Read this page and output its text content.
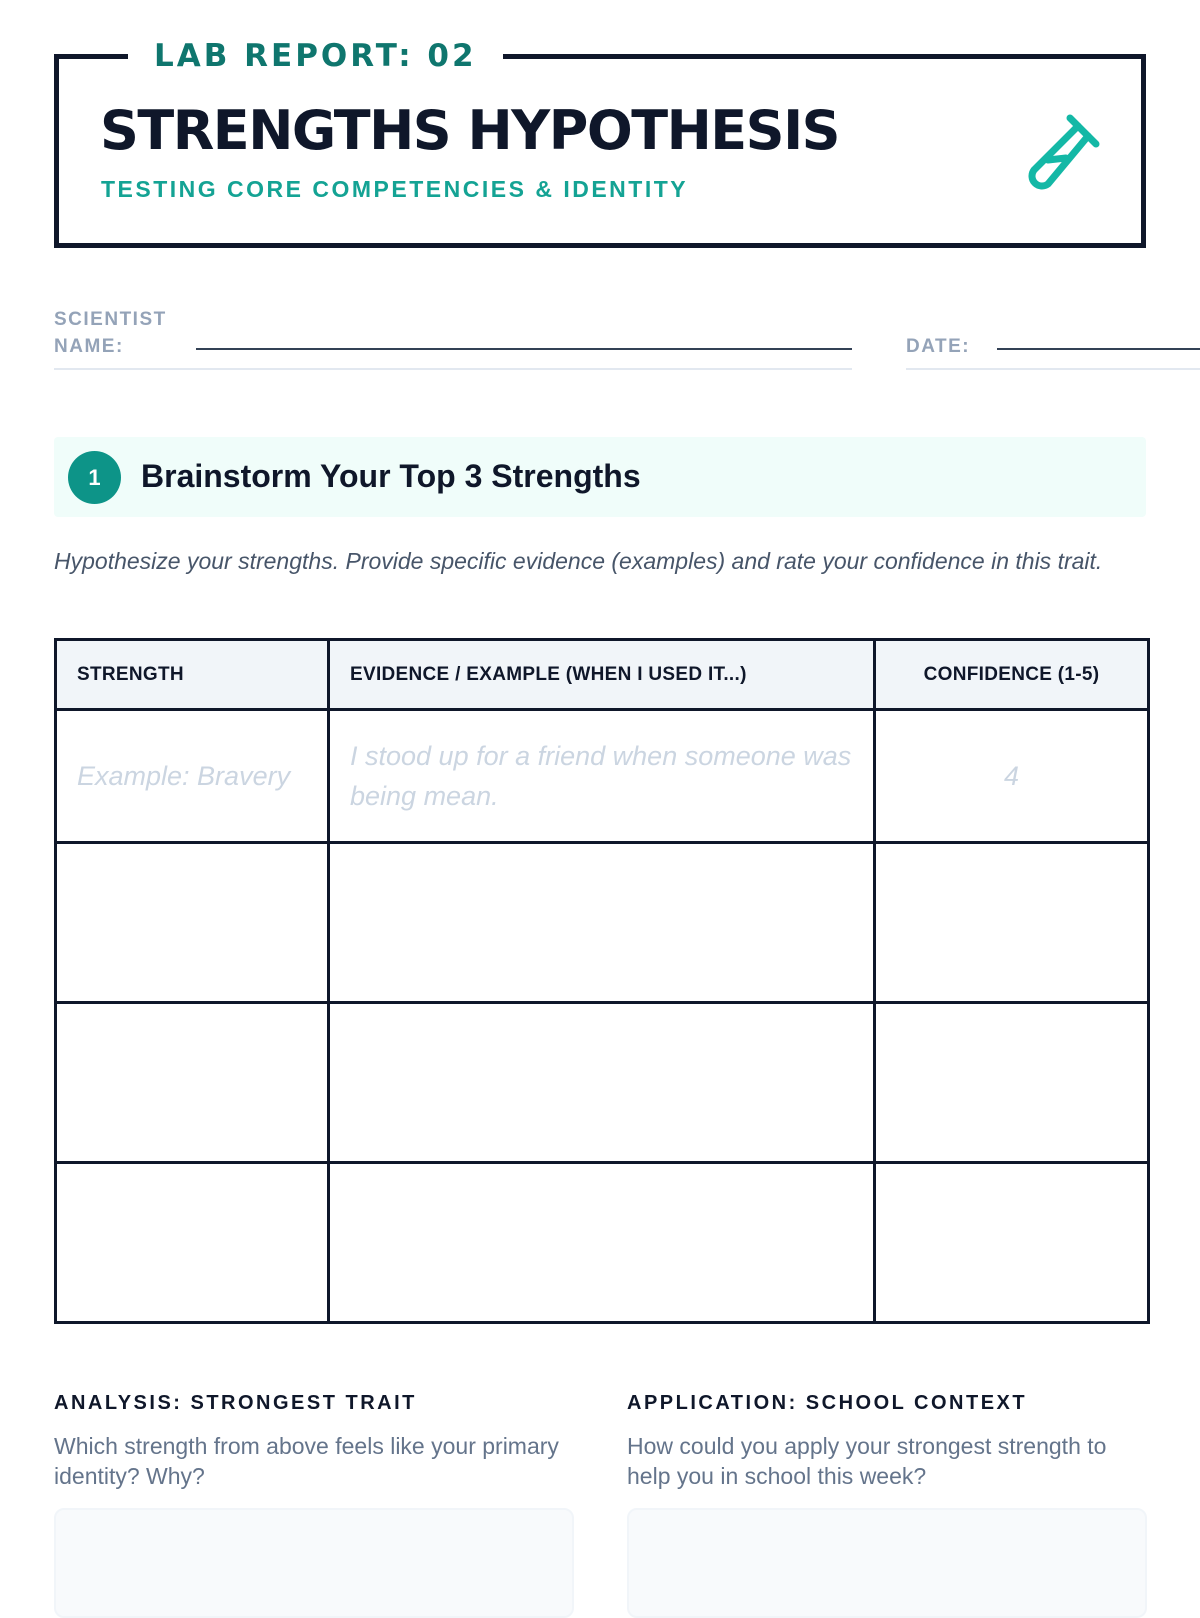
LAB REPORT: 02
STRENGTHS HYPOTHESIS
TESTING CORE COMPETENCIES & IDENTITY
SCIENTIST
NAME:	DATE:
1	Brainstorm Your Top 3 Strengths
Hypothesize your strengths. Provide specific evidence (examples) and rate your confidence in this trait.
STRENGTH	EVIDENCE / EXAMPLE (WHEN I USED IT...)	CONFIDENCE (1-5)
Example: Bravery	I stood up for a friend when someone was being mean.	4

ANALYSIS: STRONGEST TRAIT
Which strength from above feels like your primary identity? Why?
APPLICATION: SCHOOL CONTEXT
How could you apply your strongest strength to help you in school this week?
